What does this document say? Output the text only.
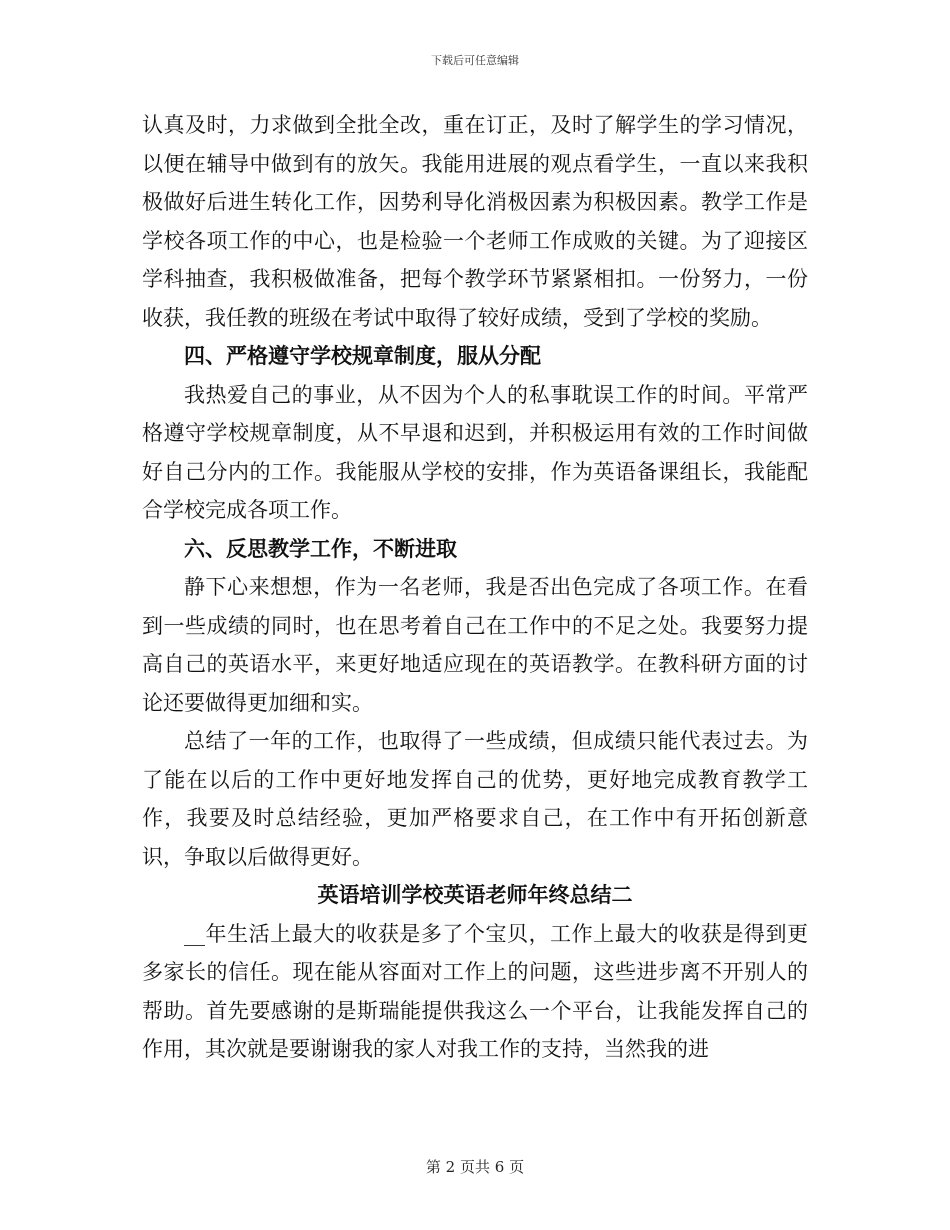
下载后可任意编辑

认真及时，力求做到全批全改，重在订正，及时了解学生的学习情况，以便在辅导中做到有的放矢。我能用进展的观点看学生，一直以来我积极做好后进生转化工作，因势利导化消极因素为积极因素。教学工作是学校各项工作的中心，也是检验一个老师工作成败的关键。为了迎接区学科抽查，我积极做准备，把每个教学环节紧紧相扣。一份努力，一份收获，我任教的班级在考试中取得了较好成绩，受到了学校的奖励。

四、严格遵守学校规章制度，服从分配

我热爱自己的事业，从不因为个人的私事耽误工作的时间。平常严格遵守学校规章制度，从不早退和迟到，并积极运用有效的工作时间做好自己分内的工作。我能服从学校的安排，作为英语备课组长，我能配合学校完成各项工作。

六、反思教学工作，不断进取

静下心来想想，作为一名老师，我是否出色完成了各项工作。在看到一些成绩的同时，也在思考着自己在工作中的不足之处。我要努力提高自己的英语水平，来更好地适应现在的英语教学。在教科研方面的讨论还要做得更加细和实。

总结了一年的工作，也取得了一些成绩，但成绩只能代表过去。为了能在以后的工作中更好地发挥自己的优势，更好地完成教育教学工作，我要及时总结经验，更加严格要求自己，在工作中有开拓创新意识，争取以后做得更好。

英语培训学校英语老师年终总结二

__年生活上最大的收获是多了个宝贝，工作上最大的收获是得到更多家长的信任。现在能从容面对工作上的问题，这些进步离不开别人的帮助。首先要感谢的是斯瑞能提供我这么一个平台，让我能发挥自己的作用，其次就是要谢谢我的家人对我工作的支持，当然我的进

第 2 页共 6 页
